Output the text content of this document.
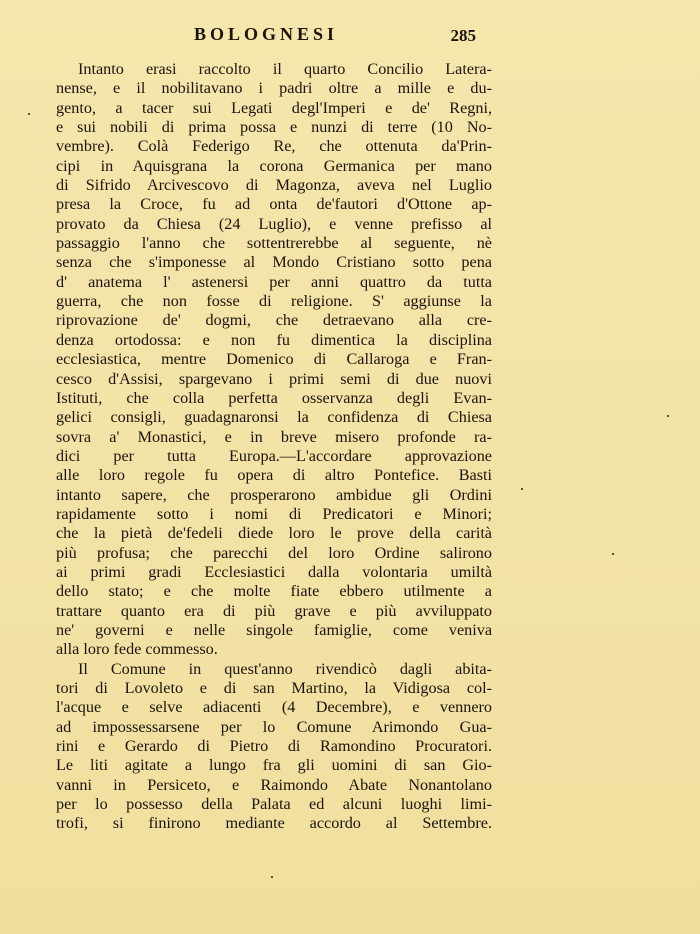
BOLOGNESI	285
Intanto erasi raccolto il quarto Concilio Latera-
nense, e il nobilitavano i padri oltre a mille e du-
gento, a tacer sui Legati degl'Imperi e de' Regni,
e sui nobili di prima possa e nunzi di terre (10 No-
vembre). Colà Federigo Re, che ottenuta da'Prin-
cipi in Aquisgrana la corona Germanica per mano
di Sifrido Arcivescovo di Magonza, aveva nel Luglio
presa la Croce, fu ad onta de'fautori d'Ottone ap-
provato da Chiesa (24 Luglio), e venne prefisso al
passaggio l'anno che sottentrerebbe al seguente, nè
senza che s'imponesse al Mondo Cristiano sotto pena
d' anatema l' astenersi per anni quattro da tutta
guerra, che non fosse di religione. S' aggiunse la
riprovazione de' dogmi, che detraevano alla cre-
denza ortodossa: e non fu dimentica la disciplina
ecclesiastica, mentre Domenico di Callaroga e Fran-
cesco d'Assisi, spargevano i primi semi di due nuovi
Istituti, che colla perfetta osservanza degli Evan-
gelici consigli, guadagnaronsi la confidenza di Chiesa
sovra a' Monastici, e in breve misero profonde ra-
dici per tutta Europa.—L'accordare approvazione
alle loro regole fu opera di altro Pontefice. Basti
intanto sapere, che prosperarono ambidue gli Ordini
rapidamente sotto i nomi di Predicatori e Minori;
che la pietà de'fedeli diede loro le prove della carità
più profusa; che parecchi del loro Ordine salirono
ai primi gradi Ecclesiastici dalla volontaria umiltà
dello stato; e che molte fiate ebbero utilmente a
trattare quanto era di più grave e più avviluppato
ne' governi e nelle singole famiglie, come veniva
alla loro fede commesso.
Il Comune in quest'anno rivendicò dagli abita-
tori di Lovoleto e di san Martino, la Vidigosa col-
l'acque e selve adiacenti (4 Decembre), e vennero
ad impossessarsene per lo Comune Arimondo Gua-
rini e Gerardo di Pietro di Ramondino Procuratori.
Le liti agitate a lungo fra gli uomini di san Gio-
vanni in Persiceto, e Raimondo Abate Nonantolano
per lo possesso della Palata ed alcuni luoghi limi-
trofi, si finirono mediante accordo al Settembre.
